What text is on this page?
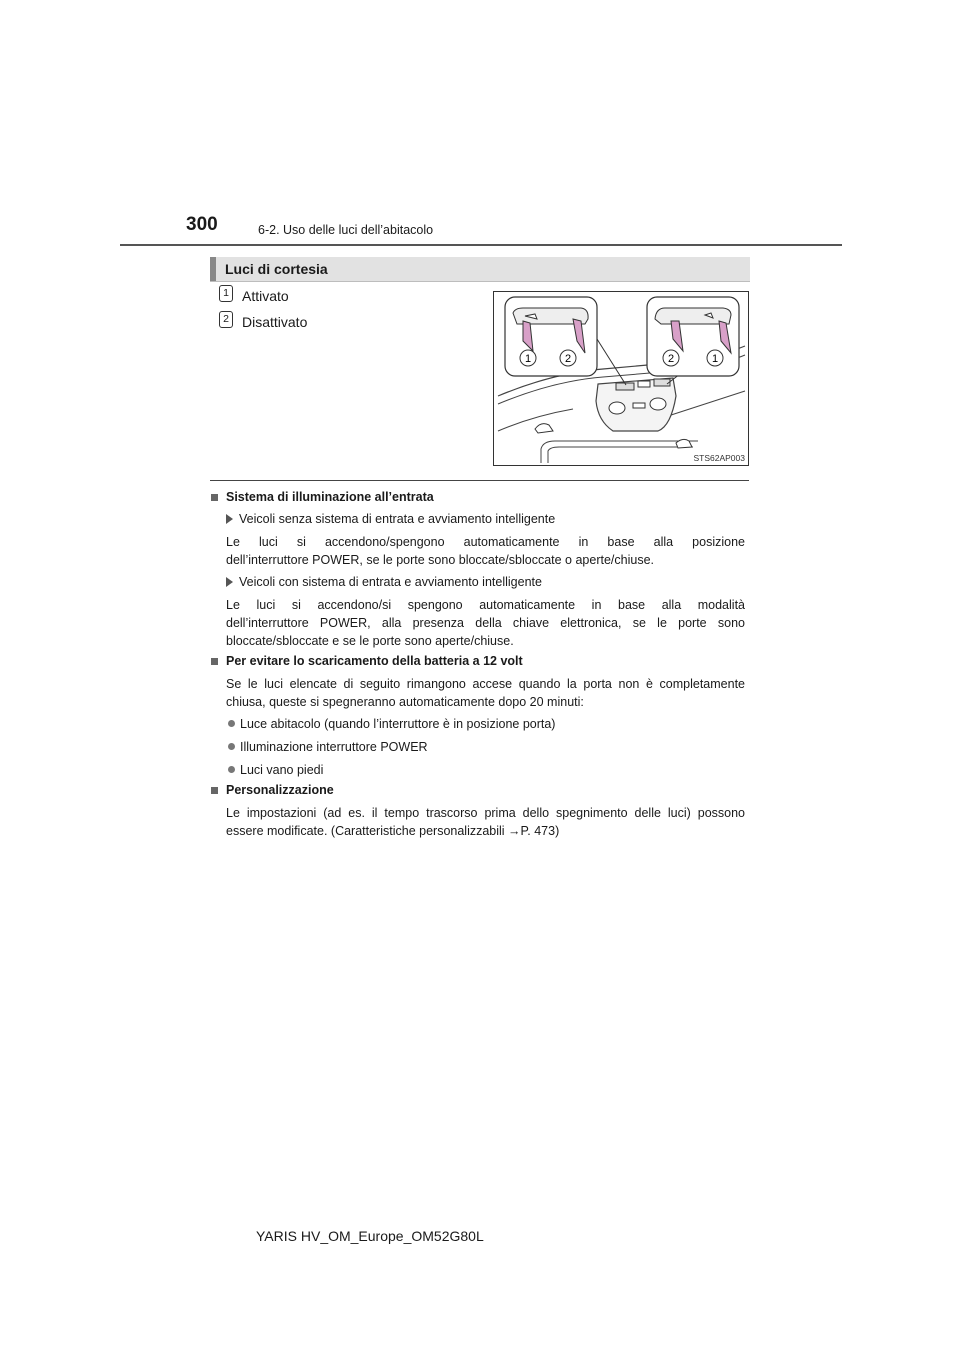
300	6-2. Uso delle luci dell’abitacolo
Luci di cortesia
1 Attivato
2 Disattivato
1	2	2	1
STS62AP003
Sistema di illuminazione all’entrata
Veicoli senza sistema di entrata e avviamento intelligente
Le luci si accendono/spengono automaticamente in base alla posizione
dell’interruttore POWER, se le porte sono bloccate/sbloccate o aperte/chiuse.
Veicoli con sistema di entrata e avviamento intelligente
Le luci si accendono/si spengono automaticamente in base alla modalità
dell’interruttore POWER, alla presenza della chiave elettronica, se le porte sono
bloccate/sbloccate e se le porte sono aperte/chiuse.
Per evitare lo scaricamento della batteria a 12 volt
Se le luci elencate di seguito rimangono accese quando la porta non è completamente
chiusa, queste si spegneranno automaticamente dopo 20 minuti:
Luce abitacolo (quando l’interruttore è in posizione porta)
Illuminazione interruttore POWER
Luci vano piedi
Personalizzazione
Le impostazioni (ad es. il tempo trascorso prima dello spegnimento delle luci) possono
essere modificate. (Caratteristiche personalizzabili →P. 473)
YARIS HV_OM_Europe_OM52G80L
